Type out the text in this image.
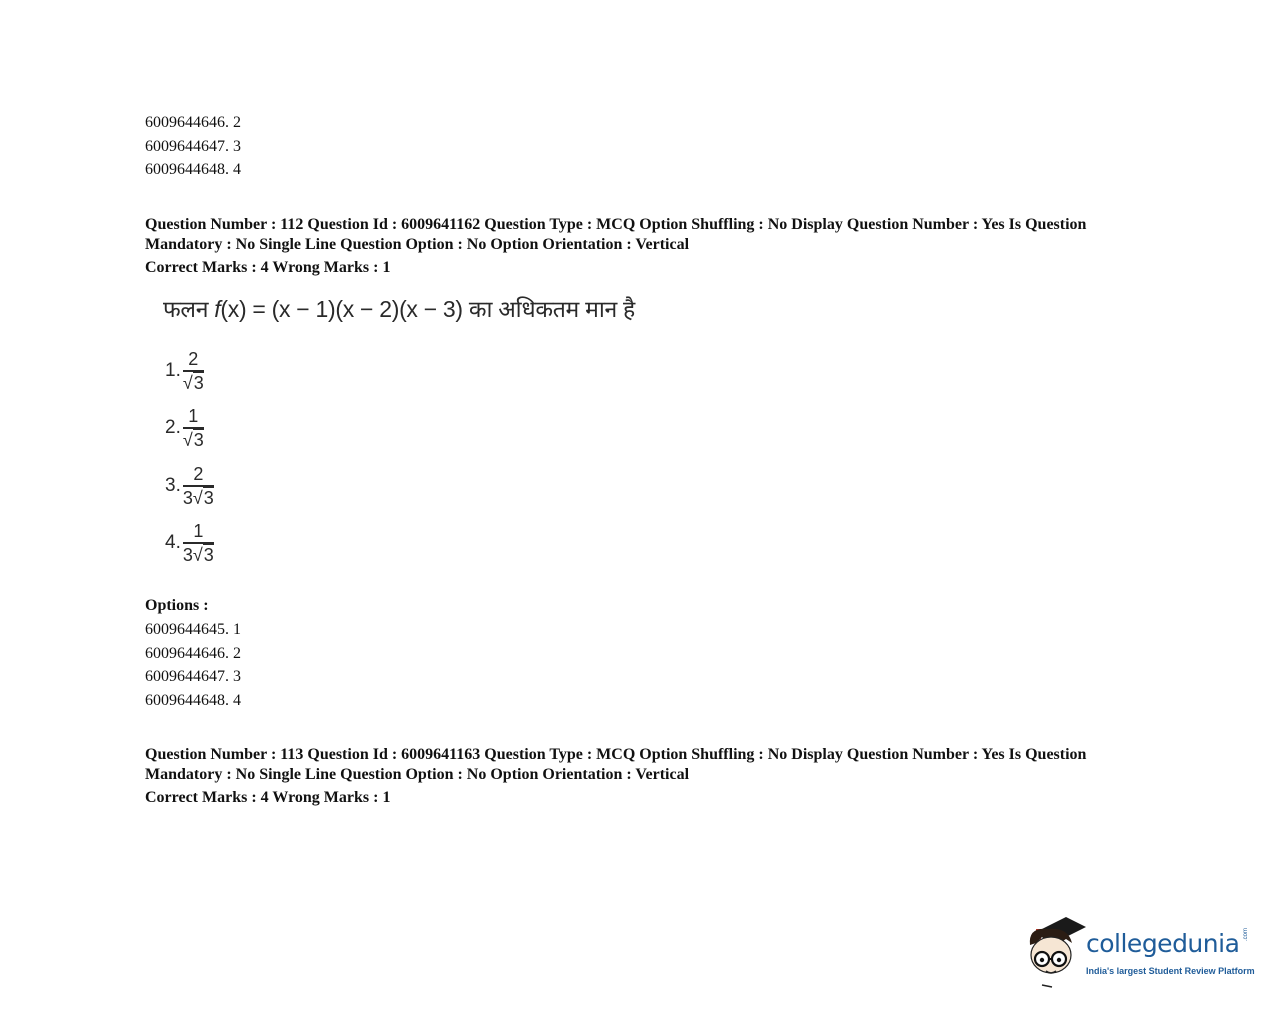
6009644646. 2
6009644647. 3
6009644648. 4
Question Number : 112 Question Id : 6009641162 Question Type : MCQ Option Shuffling : No Display Question Number : Yes Is Question Mandatory : No Single Line Question Option : No Option Orientation : Vertical
Correct Marks : 4 Wrong Marks : 1
फलन f(x) = (x − 1)(x − 2)(x − 3) का अधिकतम मान है
1. $\frac{2}{√3}$
2. $\frac{1}{√3}$
3. $\frac{2}{3√3}$
4. $\frac{1}{3√3}$
Options :
6009644645. 1
6009644646. 2
6009644647. 3
6009644648. 4
Question Number : 113 Question Id : 6009641163 Question Type : MCQ Option Shuffling : No Display Question Number : Yes Is Question Mandatory : No Single Line Question Option : No Option Orientation : Vertical
Correct Marks : 4 Wrong Marks : 1
collegedunia
India's largest Student Review Platform
.com
